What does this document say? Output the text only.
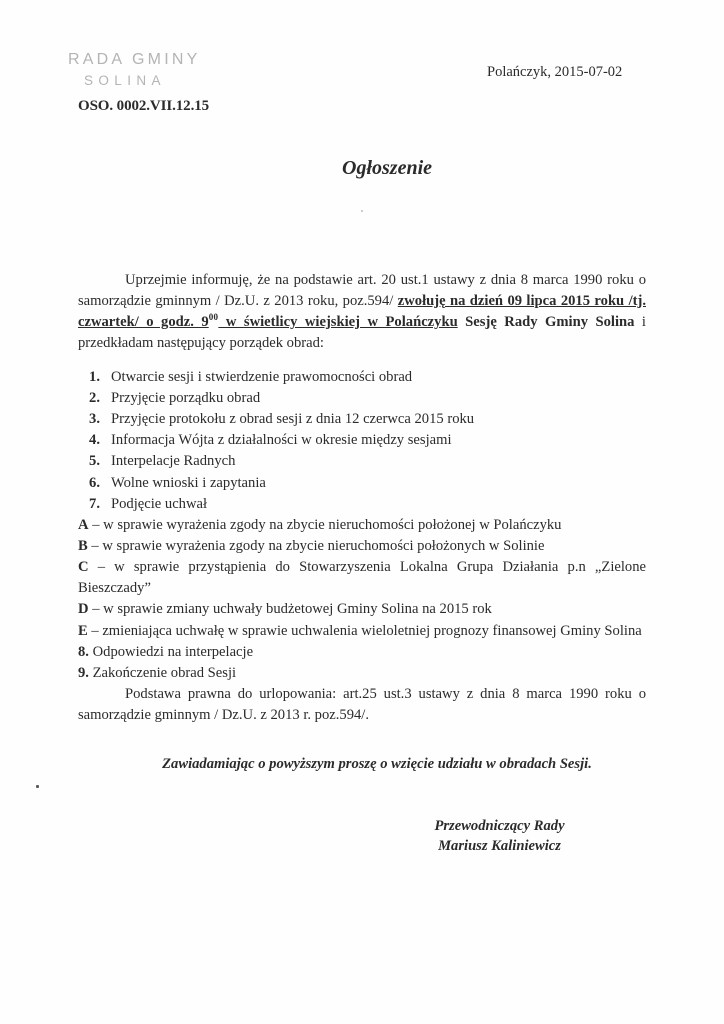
RADA GMINY
SOLINA
OSO. 0002.VII.12.15
Polańczyk, 2015-07-02
Ogłoszenie

Uprzejmie informuję, że na podstawie art. 20 ust.1 ustawy z dnia 8 marca 1990 roku o samorządzie gminnym / Dz.U. z 2013 roku, poz.594/ zwołuję na dzień 09 lipca 2015 roku /tj. czwartek/ o godz. $9^{00}$ w świetlicy wiejskiej w Polańczyku Sesję Rady Gminy Solina i przedkładam następujący porządek obrad:

1. Otwarcie sesji i stwierdzenie prawomocności obrad
2. Przyjęcie porządku obrad
3. Przyjęcie protokołu z obrad sesji z dnia 12 czerwca 2015 roku
4. Informacja Wójta z działalności w okresie między sesjami
5. Interpelacje Radnych
6. Wolne wnioski i zapytania
7. Podjęcie uchwał

A – w sprawie wyrażenia zgody na zbycie nieruchomości położonej w Polańczyku

B – w sprawie wyrażenia zgody na zbycie nieruchomości położonych w Solinie

C – w sprawie przystąpienia do Stowarzyszenia Lokalna Grupa Działania p.n „Zielone Bieszczady”

D – w sprawie zmiany uchwały budżetowej Gminy Solina na 2015 rok

E – zmieniająca uchwałę w sprawie uchwalenia wieloletniej prognozy finansowej Gminy Solina

8. Odpowiedzi na interpelacje

9. Zakończenie obrad Sesji

Podstawa prawna do urlopowania: art.25 ust.3 ustawy z dnia 8 marca 1990 roku o samorządzie gminnym / Dz.U. z 2013 r. poz.594/.

Zawiadamiając o powyższym proszę o wzięcie udziału w obradach Sesji.

Przewodniczący Rady
Mariusz Kaliniewicz
